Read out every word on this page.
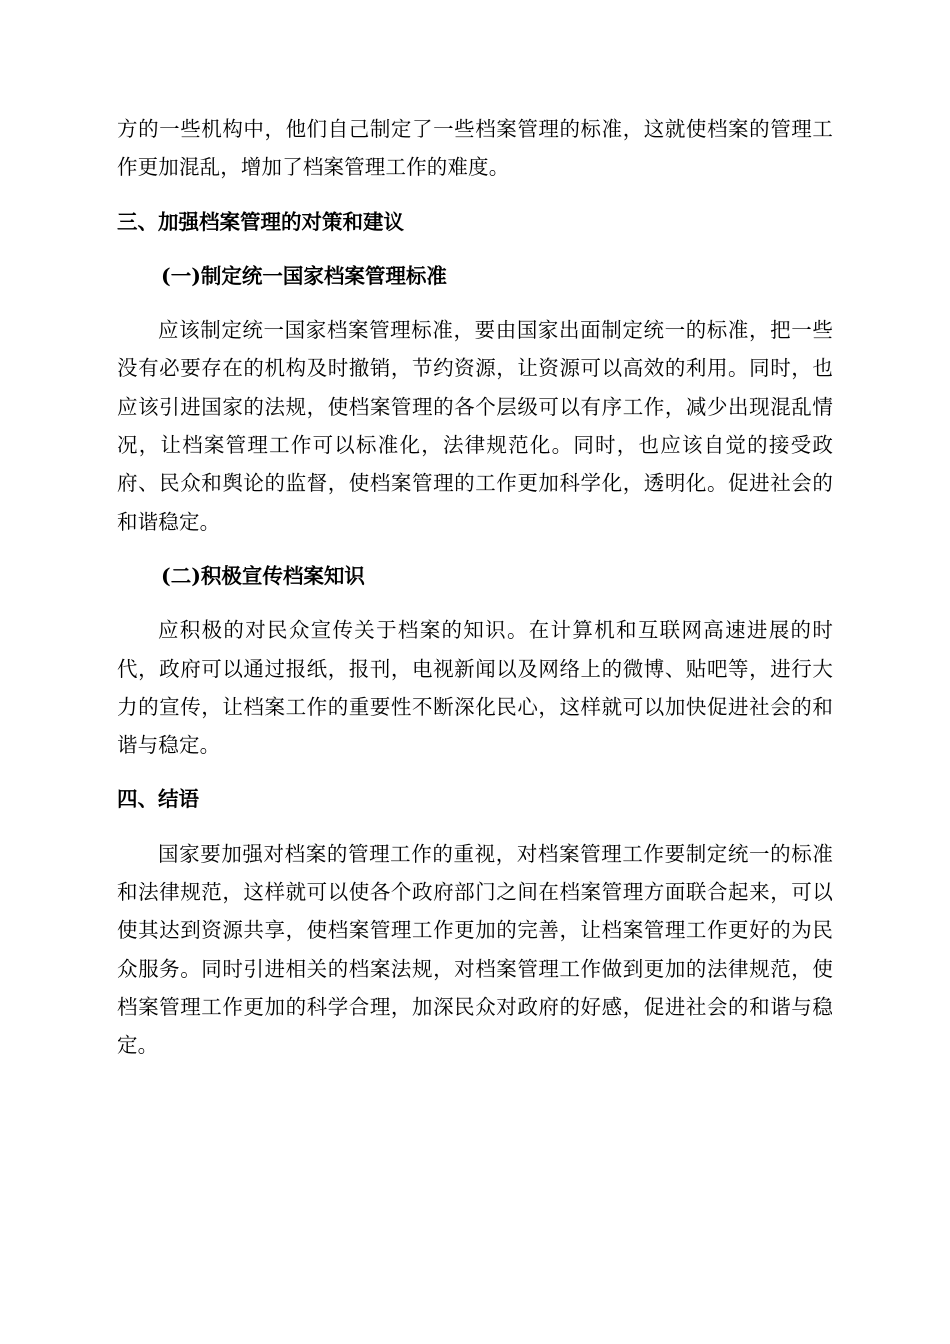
方的一些机构中，他们自己制定了一些档案管理的标准，这就使档案的管理工作更加混乱，增加了档案管理工作的难度。

三、加强档案管理的对策和建议
(一)制定统一国家档案管理标准

应该制定统一国家档案管理标准，要由国家出面制定统一的标准，把一些没有必要存在的机构及时撤销，节约资源，让资源可以高效的利用。同时，也应该引进国家的法规，使档案管理的各个层级可以有序工作，减少出现混乱情况，让档案管理工作可以标准化，法律规范化。同时，也应该自觉的接受政府、民众和舆论的监督，使档案管理的工作更加科学化，透明化。促进社会的和谐稳定。

(二)积极宣传档案知识

应积极的对民众宣传关于档案的知识。在计算机和互联网高速进展的时代，政府可以通过报纸，报刊，电视新闻以及网络上的微博、贴吧等，进行大力的宣传，让档案工作的重要性不断深化民心，这样就可以加快促进社会的和谐与稳定。

四、结语

国家要加强对档案的管理工作的重视，对档案管理工作要制定统一的标准和法律规范，这样就可以使各个政府部门之间在档案管理方面联合起来，可以使其达到资源共享，使档案管理工作更加的完善，让档案管理工作更好的为民众服务。同时引进相关的档案法规，对档案管理工作做到更加的法律规范，使档案管理工作更加的科学合理，加深民众对政府的好感，促进社会的和谐与稳定。
